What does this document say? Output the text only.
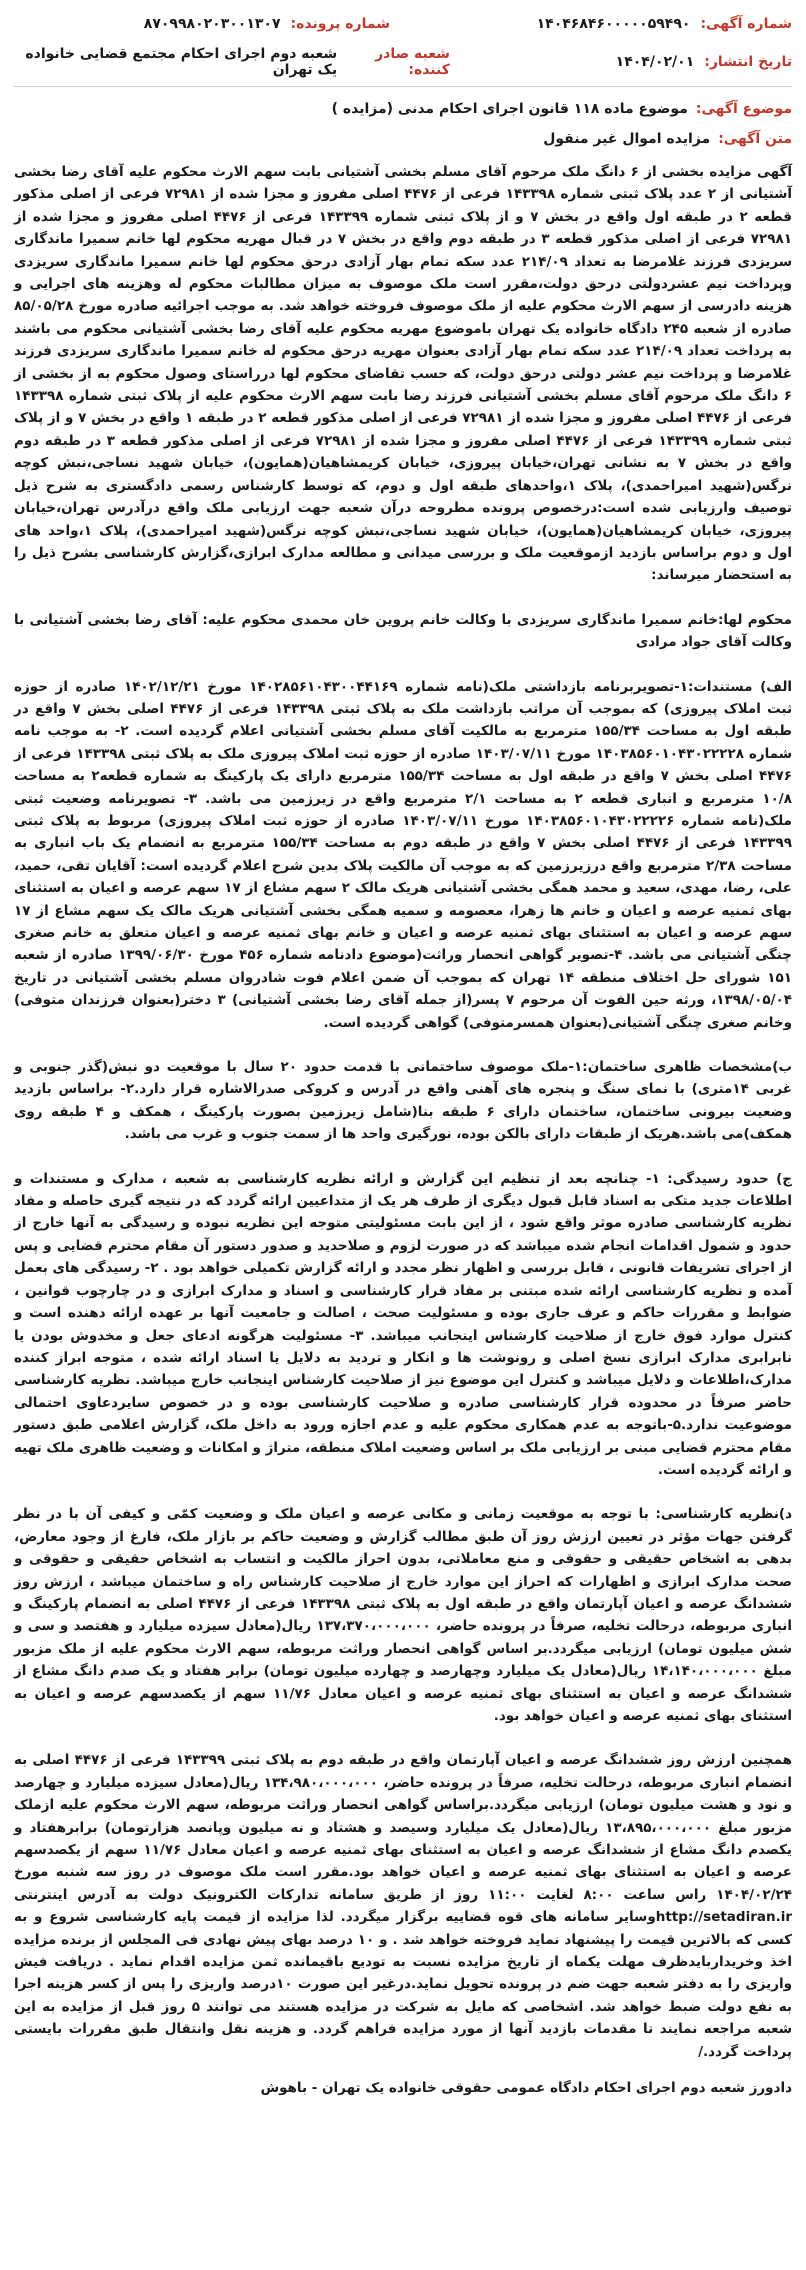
شماره آگهی:
۱۴۰۴۶۸۴۶۰۰۰۰۰۵۹۴۹۰
شماره پرونده:
۸۷۰۹۹۸۰۲۰۳۰۰۱۳۰۷
تاریخ انتشار:
۱۴۰۴/۰۲/۰۱
شعبه صادر کننده:
شعبه دوم اجرای احکام مجتمع قضایی خانواده یک تهران
موضوع آگهی:
موضوع ماده ۱۱۸ قانون اجرای احکام مدنی (مزایده )
متن آگهی:
مزایده اموال غیر منقول

آگهی مزایده بخشی از ۶ دانگ ملک مرحوم آقای مسلم بخشی آشتیانی بابت سهم الارث محکوم علیه آقای رضا بخشی آشتیانی از ۲ عدد پلاک ثبتی شماره ۱۴۳۳۹۸ فرعی از ۴۴۷۶ اصلی مفروز و مجزا شده از ۷۲۹۸۱ فرعی از اصلی مذکور قطعه ۲ در طبقه اول واقع در بخش ۷ و از پلاک ثبتی شماره ۱۴۳۳۹۹ فرعی از ۴۴۷۶ اصلی مفروز و مجزا شده از ۷۲۹۸۱ فرعی از اصلی مذکور قطعه ۳ در طبقه دوم واقع در بخش ۷ در قبال مهریه محکوم لها خانم سمیرا ماندگاری سریزدی فرزند غلامرضا به تعداد ۲۱۴/۰۹ عدد سکه تمام بهار آزادی درحق محکوم لها خانم سمیرا ماندگاری سریزدی وپرداخت نیم عشردولتی درحق دولت،مقرر است ملک موصوف به میزان مطالبات محکوم له وهزینه های اجرایی و هزینه دادرسی از سهم الارث محکوم علیه از ملک موصوف فروخته خواهد شد. به موجب اجرائیه صادره مورخ ۸۵/۰۵/۲۸ صادره از شعبه ۲۴۵ دادگاه خانواده یک تهران باموضوع مهریه محکوم علیه آقای رضا بخشی آشتیانی محکوم می باشند به پرداخت تعداد ۲۱۴/۰۹ عدد سکه تمام بهار آزادی بعنوان مهریه درحق محکوم له خانم سمیرا ماندگاری سریزدی فرزند غلامرضا و پرداخت نیم عشر دولتی درحق دولت، که حسب تقاضای محکوم لها درراستای وصول محکوم به از بخشی از ۶ دانگ ملک مرحوم آقای مسلم بخشی آشتیانی فرزند رضا بابت سهم الارث محکوم علیه از پلاک ثبتی شماره ۱۴۳۳۹۸ فرعی از ۴۴۷۶ اصلی مفروز و مجزا شده از ۷۲۹۸۱ فرعی از اصلی مذکور قطعه ۲ در طبقه ۱ واقع در بخش ۷ و از پلاک ثبتی شماره ۱۴۳۳۹۹ فرعی از ۴۴۷۶ اصلی مفروز و مجزا شده از ۷۲۹۸۱ فرعی از اصلی مذکور قطعه ۳ در طبقه دوم واقع در بخش ۷ به نشانی تهران،خیابان پیروزی، خیابان کریمشاهیان(همایون)، خیابان شهید نساجی،نبش کوچه نرگس(شهید امیراحمدی)، پلاک ۱،واحدهای طبقه اول و دوم، که توسط کارشناس رسمی دادگستری به شرح ذیل توصیف وارزیابی شده است:درخصوص پرونده مطروحه درآن شعبه جهت ارزیابی ملک واقع درآدرس تهران،خیابان پیروزی، خیابان کریمشاهیان(همایون)، خیابان شهید نساجی،نبش کوچه نرگس(شهید امیراحمدی)، پلاک ۱،واحد های اول و دوم براساس بازدید ازموقعیت ملک و بررسی میدانی و مطالعه مدارک ابرازی،گزارش کارشناسی بشرح ذیل را به استحضار میرساند:

محکوم لها:خانم سمیرا ماندگاری سریزدی با وکالت خانم پروین خان محمدی محکوم علیه: آقای رضا بخشی آشتیانی با وکالت آقای جواد مرادی

الف) مستندات:۱-تصویربرنامه بازداشتی ملک(نامه شماره ۱۴۰۲۸۵۶۱۰۴۳۰۰۴۴۱۶۹ مورخ ۱۴۰۲/۱۲/۲۱ صادره از حوزه ثبت املاک پیروزی) که بموجب آن مراتب بازداشت ملک به پلاک ثبتی ۱۴۳۳۹۸ فرعی از ۴۴۷۶ اصلی بخش ۷ واقع در طبقه اول به مساحت ۱۵۵/۳۴ مترمربع به مالکیت آقای مسلم بخشی آشتیانی اعلام گردیده است. ۲- به موجب نامه شماره ۱۴۰۳۸۵۶۰۱۰۴۳۰۲۲۲۲۸ مورخ ۱۴۰۳/۰۷/۱۱ صادره از حوزه ثبت املاک پیروزی ملک به پلاک ثبتی ۱۴۳۳۹۸ فرعی از ۴۴۷۶ اصلی بخش ۷ واقع در طبقه اول به مساحت ۱۵۵/۳۴ مترمربع دارای یک پارکینگ به شماره قطعه۲ به مساحت ۱۰/۸ مترمربع و انباری قطعه ۲ به مساحت ۲/۱ مترمربع واقع در زیرزمین می باشد. ۳- تصویرنامه وضعیت ثبتی ملک(نامه شماره ۱۴۰۳۸۵۶۰۱۰۴۳۰۲۲۲۲۶ مورخ ۱۴۰۳/۰۷/۱۱ صادره از حوزه ثبت املاک پیروزی) مربوط به پلاک ثبتی ۱۴۳۳۹۹ فرعی از ۴۴۷۶ اصلی بخش ۷ واقع در طبقه دوم به مساحت ۱۵۵/۳۴ مترمربع به انضمام یک باب انباری به مساحت ۲/۳۸ مترمربع واقع درزیرزمین که به موجب آن مالکیت پلاک بدین شرح اعلام گردیده است: آقایان تقی، حمید، علی، رضا، مهدی، سعید و محمد همگی بخشی آشتیانی هریک مالک ۲ سهم مشاع از ۱۷ سهم عرصه و اعیان به استثنای بهای ثمنیه عرصه و اعیان و خانم ها زهرا، معصومه و سمیه همگی بخشی آشتیانی هریک مالک یک سهم مشاع از ۱۷ سهم عرصه و اعیان به استثنای بهای ثمنیه عرصه و اعیان و خانم بهای ثمنیه عرصه و اعیان متعلق به خانم صغری چنگی آشتیانی می باشد. ۴-تصویر گواهی انحصار وراثت(موضوع دادنامه شماره ۴۵۶ مورخ ۱۳۹۹/۰۶/۳۰ صادره از شعبه ۱۵۱ شورای حل اختلاف منطقه ۱۴ تهران که بموجب آن ضمن اعلام فوت شادروان مسلم بخشی آشتیانی در تاریخ ۱۳۹۸/۰۵/۰۴، ورثه حین الفوت آن مرحوم ۷ پسر(از جمله آقای رضا بخشی آشتیانی) ۳ دختر(بعنوان فرزندان متوفی) وخانم صغری چنگی آشتیانی(بعنوان همسرمتوفی) گواهی گردیده است.

ب)مشخصات ظاهری ساختمان:۱-ملک موصوف ساختمانی با قدمت حدود ۲۰ سال با موقعیت دو نبش(گذر جنوبی و غربی ۱۴متری) با نمای سنگ و پنجره های آهنی واقع در آدرس و کروکی صدرالاشاره قرار دارد.۲- براساس بازدید وضعیت بیرونی ساختمان، ساختمان دارای ۶ طبقه بنا(شامل زیرزمین بصورت پارکینگ ، همکف و ۴ طبقه روی همکف)می باشد.هریک از طبقات دارای بالکن بوده، نورگیری واحد ها از سمت جنوب و غرب می باشد.

ج) حدود رسیدگی: ۱- چنانچه بعد از تنظیم این گزارش و ارائه نظریه کارشناسی به شعبه ، مدارک و مستندات و اطلاعات جدید متکی به اسناد قابل قبول دیگری از طرف هر یک از متداعیین ارائه گردد که در نتیجه گیری حاصله و مفاد نظریه کارشناسی صادره موثر واقع شود ، از این بابت مسئولیتی متوجه این نظریه نبوده و رسیدگی به آنها خارج از حدود و شمول اقدامات انجام شده میباشد که در صورت لزوم و صلاحدید و صدور دستور آن مقام محترم قضایی و پس از اجرای تشریفات قانونی ، قابل بررسی و اظهار نظر مجدد و ارائه گزارش تکمیلی خواهد بود . ۲- رسیدگی های بعمل آمده و نظریه کارشناسی ارائه شده مبتنی بر مفاد قرار کارشناسی و اسناد و مدارک ابرازی و در چارچوب قوانین ، ضوابط و مقررات حاکم و عرف جاری بوده و مسئولیت صحت ، اصالت و جامعیت آنها بر عهده ارائه دهنده است و کنترل موارد فوق خارج از صلاحیت کارشناس اینجانب میباشد. ۳- مسئولیت هرگونه ادعای جعل و مخدوش بودن یا نابرابری مدارک ابرازی نسخ اصلی و رونوشت ها و انکار و تردید به دلایل یا اسناد ارائه شده ، متوجه ابراز کننده مدارک،اطلاعات و دلایل میباشد و کنترل این موضوع نیز از صلاحیت کارشناس اینجانب خارج میباشد. نظریه کارشناسی حاضر صرفاً در محدوده قرار کارشناسی صادره و صلاحیت کارشناسی بوده و در خصوص سایردعاوی احتمالی موضوعیت ندارد.۵-باتوجه به عدم همکاری محکوم علیه و عدم اجازه ورود به داخل ملک، گزارش اعلامی طبق دستور مقام محترم قضایی مبنی بر ارزیابی ملک بر اساس وضعیت املاک منطقه، متراژ و امکانات و وضعیت ظاهری ملک تهیه و ارائه گردیده است.

د)نظریه کارشناسی: با توجه به موقعیت زمانی و مکانی عرصه و اعیان ملک و وضعیت کمّی و کیفی آن با در نظر گرفتن جهات مؤثر در تعیین ارزش روز آن طبق مطالب گزارش و وضعیت حاکم بر بازار ملک، فارغ از وجود معارض، بدهی به اشخاص حقیقی و حقوقی و منع معاملاتی، بدون احراز مالکیت و انتساب به اشخاص حقیقی و حقوقی و صحت مدارک ابرازی و اظهارات که احراز این موارد خارج از صلاحیت کارشناس راه و ساختمان میباشد ، ارزش روز ششدانگ عرصه و اعیان آپارتمان واقع در طبقه اول به پلاک ثبتی ۱۴۳۳۹۸ فرعی از ۴۴۷۶ اصلی به انضمام پارکینگ و انباری مربوطه، درحالت تخلیه، صرفاً در پرونده حاضر، ۱۳۷،۳۷۰،۰۰۰،۰۰۰ ریال(معادل سیزده میلیارد و هفتصد و سی و شش میلیون تومان) ارزیابی میگردد.بر اساس گواهی انحصار وراثت مربوطه، سهم الارث محکوم علیه از ملک مزبور مبلغ ۱۴،۱۴۰،۰۰۰،۰۰۰ ریال(معادل یک میلیارد وچهارصد و چهارده میلیون تومان) برابر هفتاد و یک صدم دانگ مشاع از ششدانگ عرصه و اعیان به استثنای بهای ثمنیه عرصه و اعیان معادل ۱۱/۷۶ سهم از یکصدسهم عرصه و اعیان به استثنای بهای ثمنیه عرصه و اعیان خواهد بود.

همچنین ارزش روز ششدانگ عرصه و اعیان آپارتمان واقع در طبقه دوم به پلاک ثبتی ۱۴۳۳۹۹ فرعی از ۴۴۷۶ اصلی به انضمام انباری مربوطه، درحالت تخلیه، صرفاً در پرونده حاضر، ۱۳۴،۹۸۰،۰۰۰،۰۰۰ ریال(معادل سیزده میلیارد و چهارصد و نود و هشت میلیون تومان) ارزیابی میگردد.براساس گواهی انحصار وراثت مربوطه، سهم الارث محکوم علیه ازملک مزبور مبلغ ۱۳،۸۹۵،۰۰۰،۰۰۰ ریال(معادل یک میلیارد وسیصد و هشتاد و نه میلیون وپانصد هزارتومان) برابرهفتاد و یکصدم دانگ مشاع از ششدانگ عرصه و اعیان به استثنای بهای ثمنیه عرصه و اعیان معادل ۱۱/۷۶ سهم از یکصدسهم عرصه و اعیان به استثنای بهای ثمنیه عرصه و اعیان خواهد بود.مقرر است ملک موصوف در روز سه شنبه مورخ ۱۴۰۴/۰۲/۲۴ راس ساعت ۸:۰۰ لغایت ۱۱:۰۰ روز از طریق سامانه تدارکات الکترونیک دولت به آدرس اینترنتی http://setadiran.irوسایر سامانه های قوه قضاییه برگزار میگردد. لذا مزایده از قیمت پایه کارشناسی شروع و به کسی که بالاترین قیمت را پیشنهاد نماید فروخته خواهد شد . و ۱۰ درصد بهای پیش نهادی فی المجلس از برنده مزایده اخذ وخریداربایدظرف مهلت یکماه از تاریخ مزایده نسبت به تودیع باقیمانده ثمن مزایده اقدام نماید . دریافت فیش واریزی را به دفتر شعبه جهت ضم در پرونده تحویل نماید.درغیر این صورت ۱۰درصد واریزی را پس از کسر هزینه اجرا به نفع دولت ضبط خواهد شد. اشخاصی که مایل به شرکت در مزایده هستند می توانند ۵ روز قبل از مزایده به این شعبه مراجعه نمایند تا مقدمات بازدید آنها از مورد مزایده فراهم گردد. و هزینه نقل وانتقال طبق مقررات بایستی پرداخت گردد./

دادورز شعبه دوم اجرای احکام دادگاه عمومی حقوقی خانواده یک تهران - باهوش
